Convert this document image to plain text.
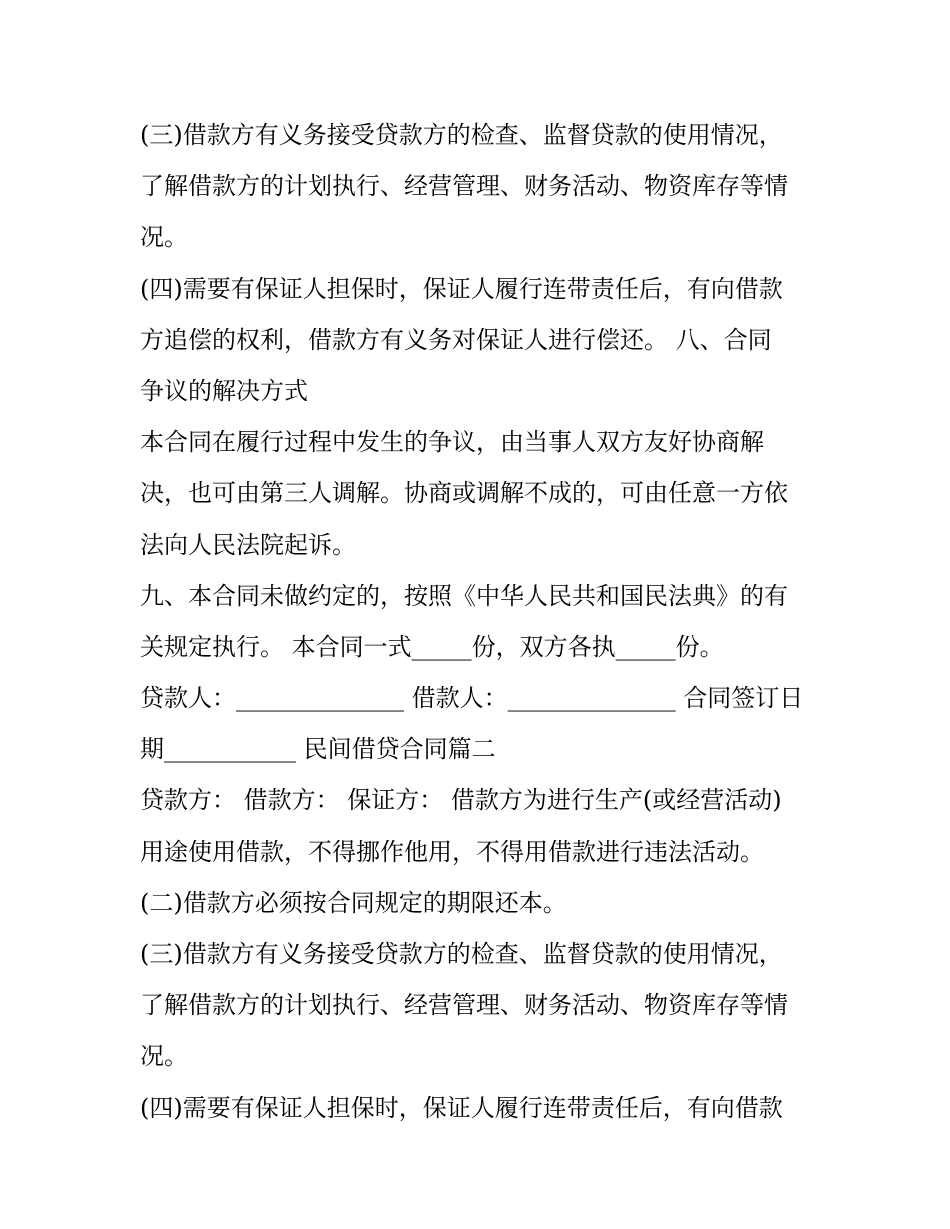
(三)借款方有义务接受贷款方的检查、监督贷款的使用情况，
了解借款方的计划执行、经营管理、财务活动、物资库存等情
况。
(四)需要有保证人担保时，保证人履行连带责任后，有向借款
方追偿的权利，借款方有义务对保证人进行偿还。 八、合同
争议的解决方式
本合同在履行过程中发生的争议，由当事人双方友好协商解
决，也可由第三人调解。协商或调解不成的，可由任意一方依
法向人民法院起诉。
九、本合同未做约定的，按照《中华人民共和国民法典》的有
关规定执行。 本合同一式_____份，双方各执_____份。
贷款人：______________ 借款人：______________ 合同签订日
期___________ 民间借贷合同篇二
贷款方： 借款方： 保证方： 借款方为进行生产(或经营活动)
用途使用借款，不得挪作他用，不得用借款进行违法活动。
(二)借款方必须按合同规定的期限还本。
(三)借款方有义务接受贷款方的检查、监督贷款的使用情况，
了解借款方的计划执行、经营管理、财务活动、物资库存等情
况。
(四)需要有保证人担保时，保证人履行连带责任后，有向借款
